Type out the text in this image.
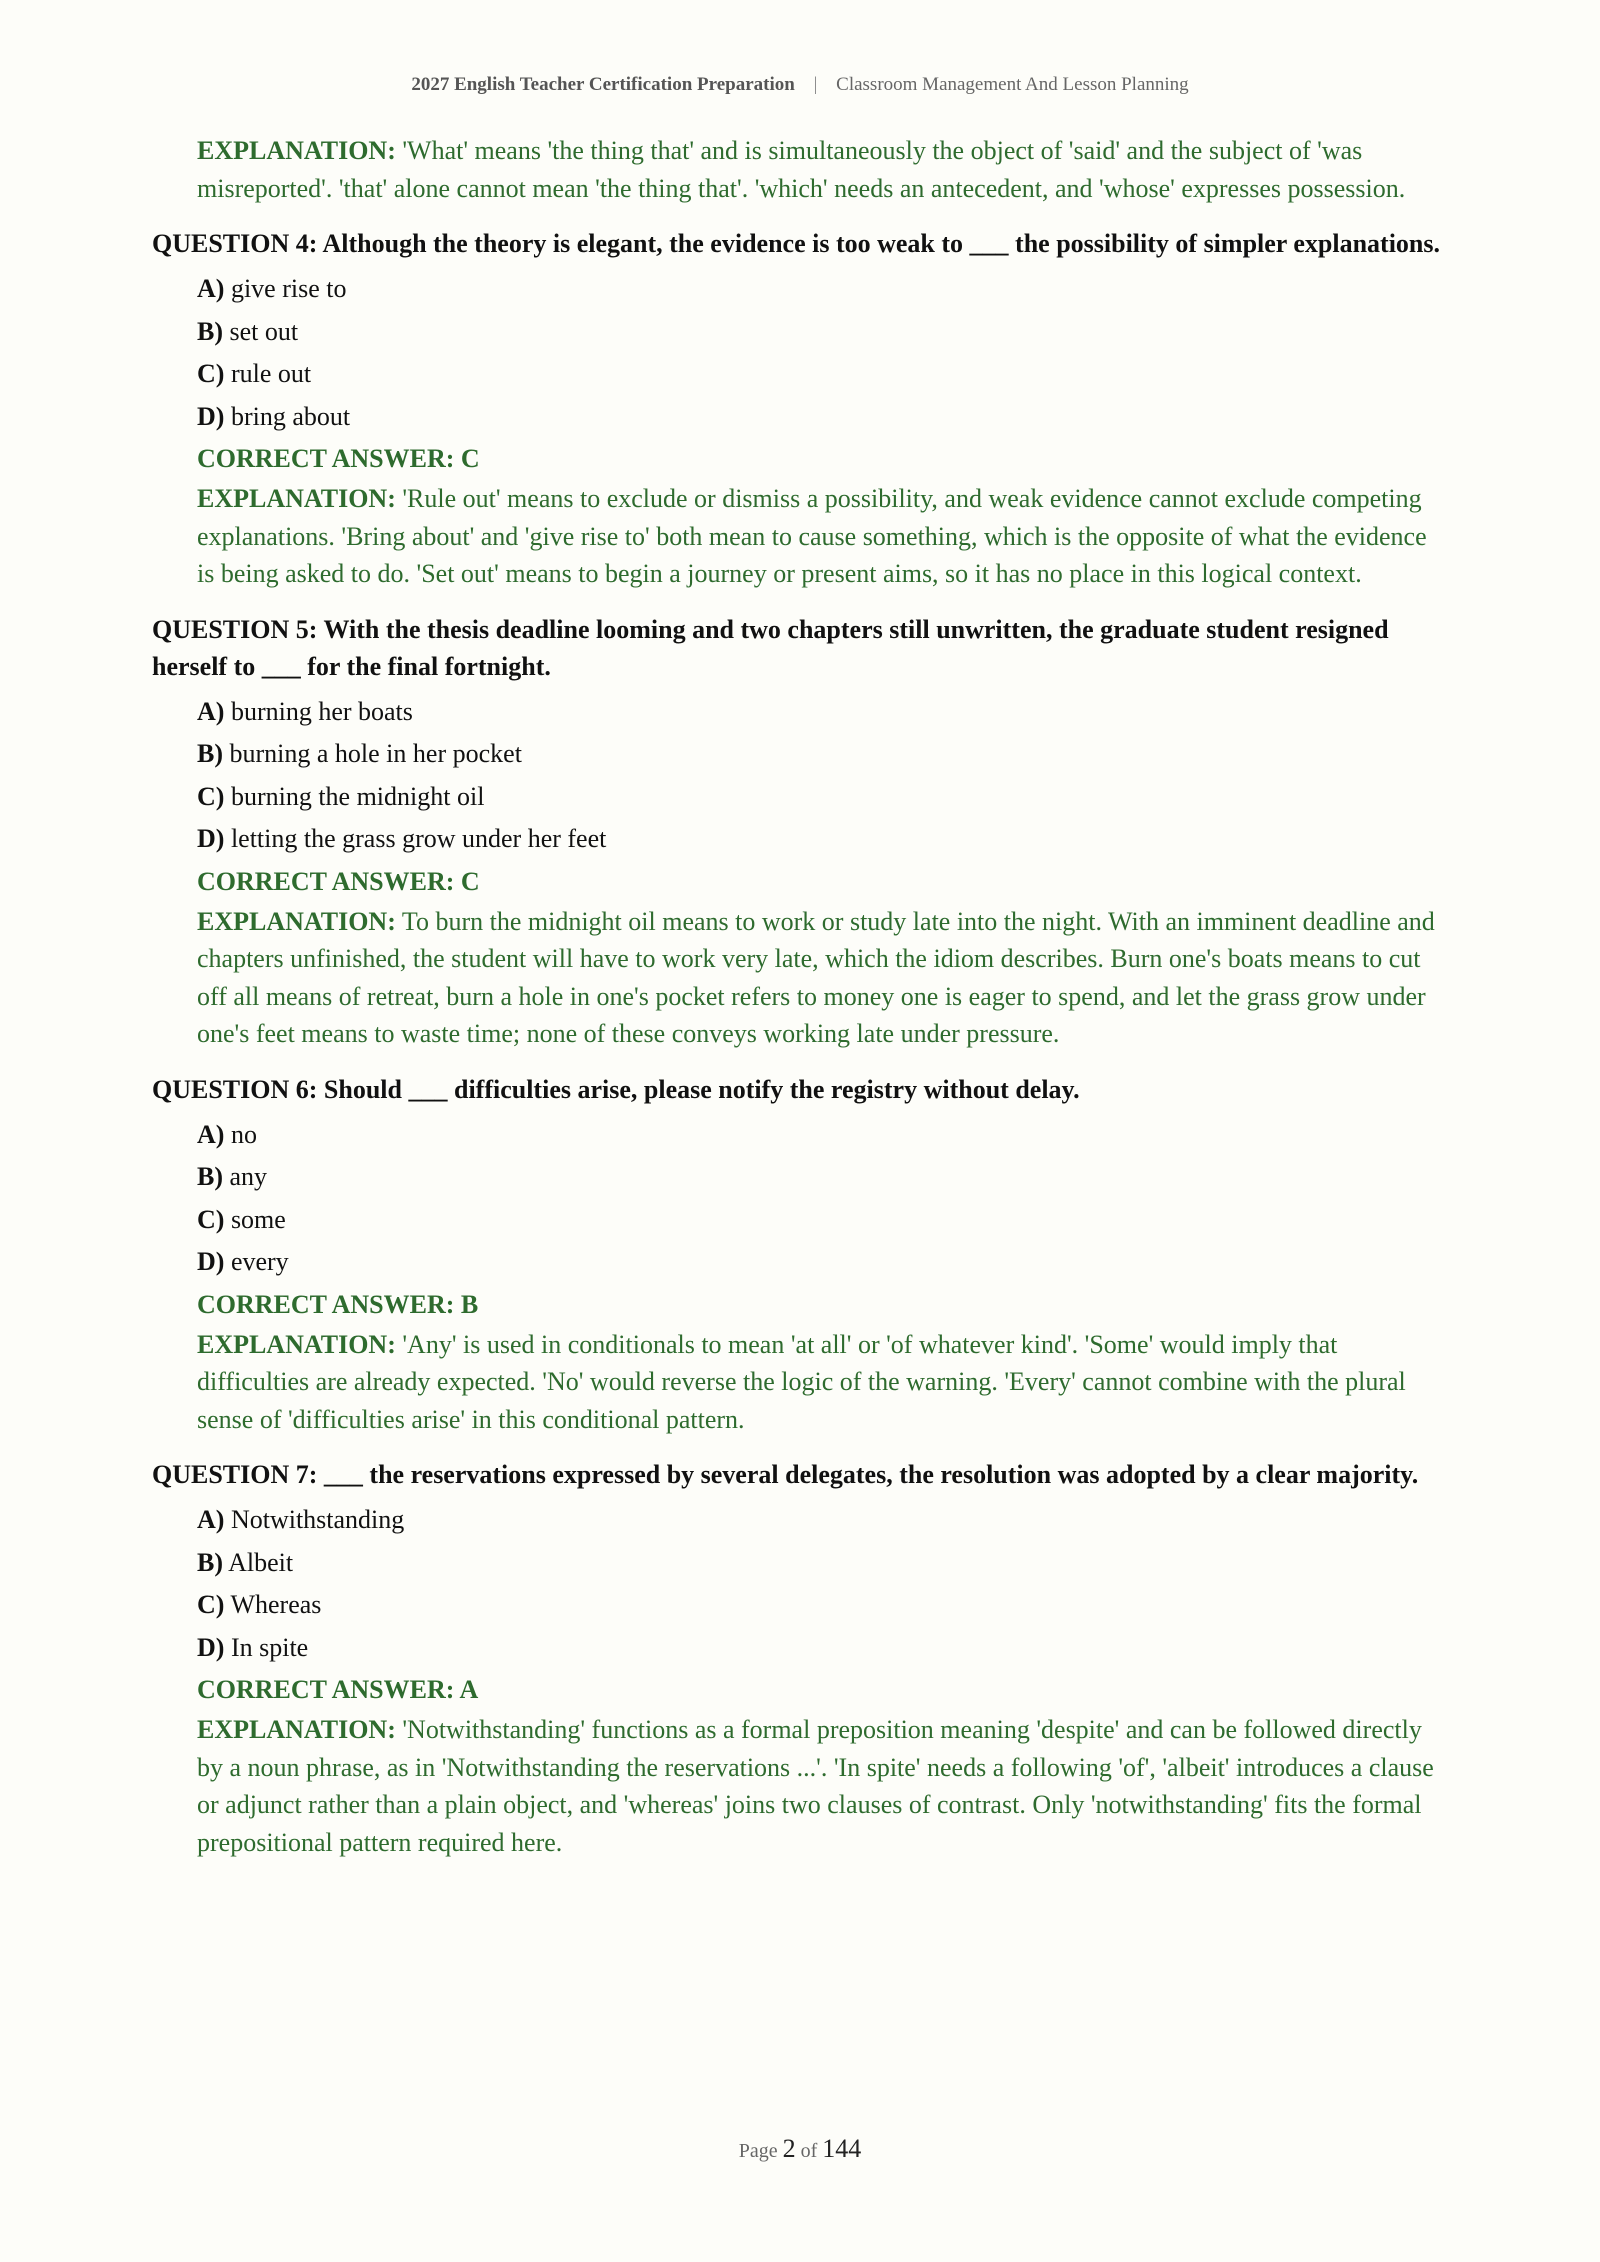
2027 English Teacher Certification Preparation | Classroom Management And Lesson Planning
EXPLANATION: 'What' means 'the thing that' and is simultaneously the object of 'said' and the subject of 'was misreported'. 'that' alone cannot mean 'the thing that'. 'which' needs an antecedent, and 'whose' expresses possession.
QUESTION 4: Although the theory is elegant, the evidence is too weak to ___ the possibility of simpler explanations.
A) give rise to
B) set out
C) rule out
D) bring about
CORRECT ANSWER: C
EXPLANATION: 'Rule out' means to exclude or dismiss a possibility, and weak evidence cannot exclude competing explanations. 'Bring about' and 'give rise to' both mean to cause something, which is the opposite of what the evidence is being asked to do. 'Set out' means to begin a journey or present aims, so it has no place in this logical context.
QUESTION 5: With the thesis deadline looming and two chapters still unwritten, the graduate student resigned herself to ___ for the final fortnight.
A) burning her boats
B) burning a hole in her pocket
C) burning the midnight oil
D) letting the grass grow under her feet
CORRECT ANSWER: C
EXPLANATION: To burn the midnight oil means to work or study late into the night. With an imminent deadline and chapters unfinished, the student will have to work very late, which the idiom describes. Burn one's boats means to cut off all means of retreat, burn a hole in one's pocket refers to money one is eager to spend, and let the grass grow under one's feet means to waste time; none of these conveys working late under pressure.
QUESTION 6: Should ___ difficulties arise, please notify the registry without delay.
A) no
B) any
C) some
D) every
CORRECT ANSWER: B
EXPLANATION: 'Any' is used in conditionals to mean 'at all' or 'of whatever kind'. 'Some' would imply that difficulties are already expected. 'No' would reverse the logic of the warning. 'Every' cannot combine with the plural sense of 'difficulties arise' in this conditional pattern.
QUESTION 7: ___ the reservations expressed by several delegates, the resolution was adopted by a clear majority.
A) Notwithstanding
B) Albeit
C) Whereas
D) In spite
CORRECT ANSWER: A
EXPLANATION: 'Notwithstanding' functions as a formal preposition meaning 'despite' and can be followed directly by a noun phrase, as in 'Notwithstanding the reservations ...'. 'In spite' needs a following 'of', 'albeit' introduces a clause or adjunct rather than a plain object, and 'whereas' joins two clauses of contrast. Only 'notwithstanding' fits the formal prepositional pattern required here.
Page 2 of 144
